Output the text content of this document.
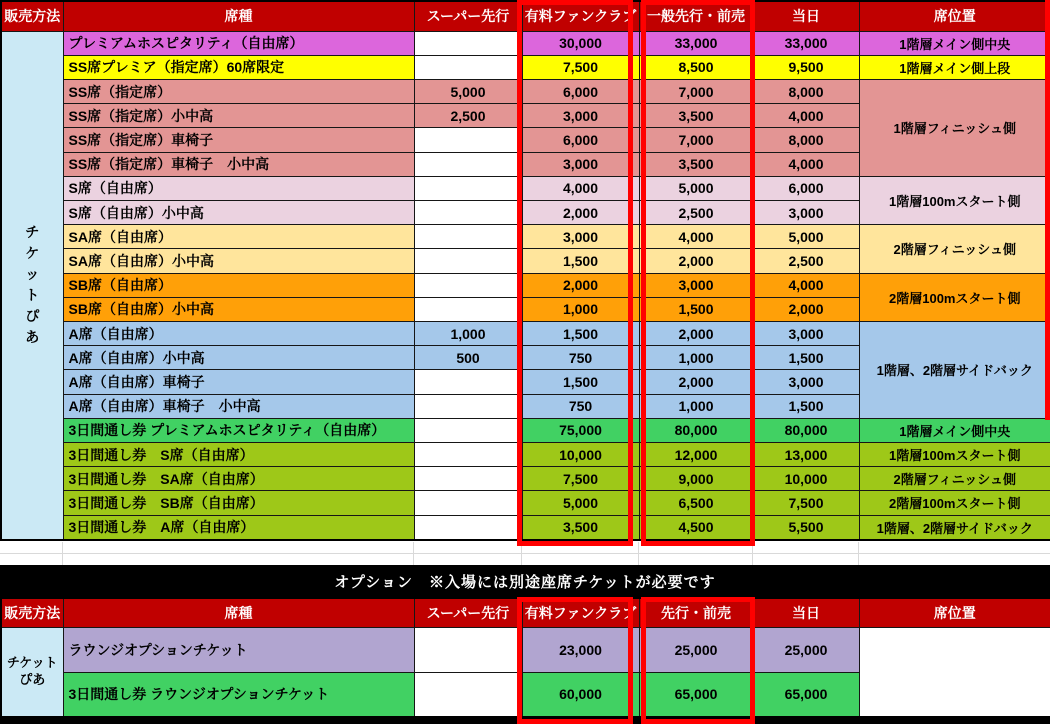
販売方法	席種	スーパー先行	有料ファンクラブ	一般先行・前売	当日	席位置

チ
ケ
ッ
ト
ぴ
あ
	プレミアムホスピタリティ（自由席）		30,000	33,000	33,000	1階層メイン側中央
	SS席プレミア（指定席）60席限定		7,500	8,500	9,500	1階層メイン側上段
	SS席（指定席）	5,000	6,000	7,000	8,000	1階層フィニッシュ側
	SS席（指定席）小中高	2,500	3,000	3,500	4,000	
	SS席（指定席）車椅子		6,000	7,000	8,000	
	SS席（指定席）車椅子　小中高		3,000	3,500	4,000	
	S席（自由席）		4,000	5,000	6,000	1階層100mスタート側
	S席（自由席）小中高		2,000	2,500	3,000	
	SA席（自由席）		3,000	4,000	5,000	2階層フィニッシュ側
	SA席（自由席）小中高		1,500	2,000	2,500	
	SB席（自由席）		2,000	3,000	4,000	2階層100mスタート側
	SB席（自由席）小中高		1,000	1,500	2,000	
	A席（自由席）	1,000	1,500	2,000	3,000	1階層、2階層サイドバック
	A席（自由席）小中高	500	750	1,000	1,500	
	A席（自由席）車椅子		1,500	2,000	3,000	
	A席（自由席）車椅子　小中高		750	1,000	1,500	
	3日間通し券 プレミアムホスピタリティ（自由席）		75,000	80,000	80,000	1階層メイン側中央
	3日間通し券　S席（自由席）		10,000	12,000	13,000	1階層100mスタート側
	3日間通し券　SA席（自由席）		7,500	9,000	10,000	2階層フィニッシュ側
	3日間通し券　SB席（自由席）		5,000	6,500	7,500	2階層100mスタート側
	3日間通し券　A席（自由席）		3,500	4,500	5,500	1階層、2階層サイドバック
オプション　※入場には別途座席チケットが必要です
販売方法	席種	スーパー先行	有料ファンクラブ	先行・前売	当日	席位置
チケットぴあ	ラウンジオプションチケット		23,000	25,000	25,000	
	3日間通し券 ラウンジオプションチケット		60,000	65,000	65,000	
